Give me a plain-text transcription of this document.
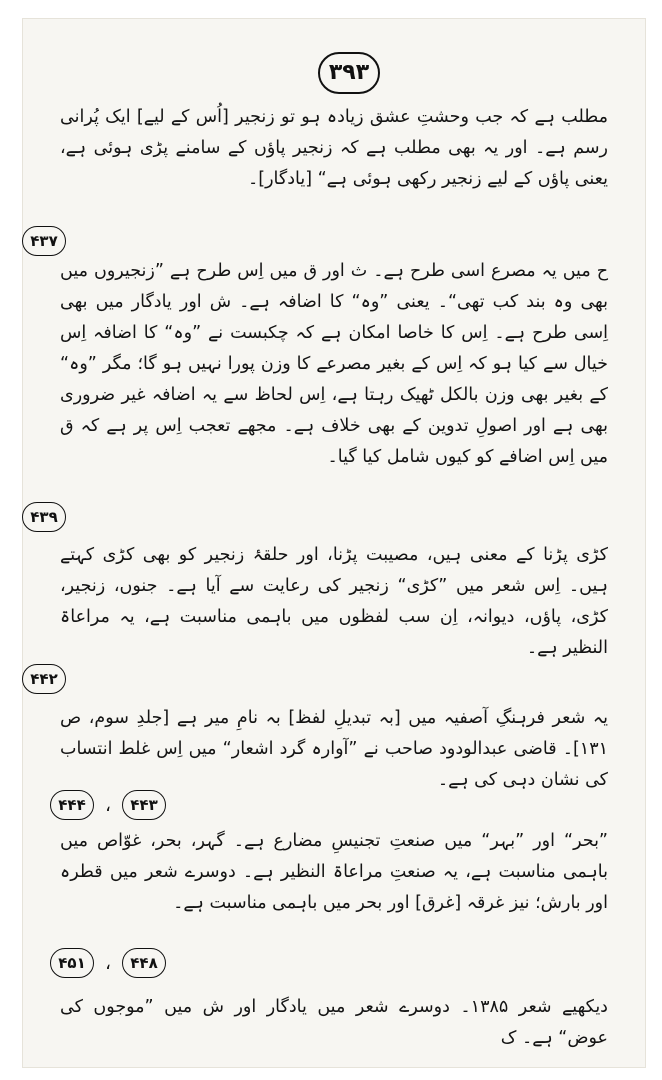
۳۹۳
مطلب ہے کہ جب وحشتِ عشق زیادہ ہو تو زنجیر [اُس کے لیے] ایک پُرانی رسم ہے۔ اور یہ بھی مطلب ہے کہ زنجیر پاؤں کے سامنے پڑی ہوئی ہے، یعنی پاؤں کے لیے زنجیر رکھی ہوئی ہے“ [یادگار]۔
۴۳۷
ح میں یہ مصرع اسی طرح ہے۔ ث اور ق میں اِس طرح ہے ”زنجیروں میں بھی وہ بند کب تھی“۔ یعنی ”وہ“ کا اضافہ ہے۔ ش اور یادگار میں بھی اِسی طرح ہے۔ اِس کا خاصا امکان ہے کہ چکبست نے ”وہ“ کا اضافہ اِس خیال سے کیا ہو کہ اِس کے بغیر مصرعے کا وزن پورا نہیں ہو گا؛ مگر ”وہ“ کے بغیر بھی وزن بالکل ٹھیک رہتا ہے، اِس لحاظ سے یہ اضافہ غیر ضروری بھی ہے اور اصولِ تدوین کے بھی خلاف ہے۔ مجھے تعجب اِس پر ہے کہ ق میں اِس اضافے کو کیوں شامل کیا گیا۔
۴۳۹
کڑی پڑنا کے معنی ہیں، مصیبت پڑنا، اور حلقۂ زنجیر کو بھی کڑی کہتے ہیں۔ اِس شعر میں ”کڑی“ زنجیر کی رعایت سے آیا ہے۔ جنوں، زنجیر، کڑی، پاؤں، دیوانہ، اِن سب لفظوں میں باہمی مناسبت ہے، یہ مراعاۃ النظیر ہے۔
۴۴۲
یہ شعر فرہنگِ آصفیہ میں [بہ تبدیلِ لفظ] بہ نامِ میر ہے [جلدِ سوم، ص ۱۳۱]۔ قاضی عبدالودود صاحب نے ”آوارہ گرد اشعار“ میں اِس غلط انتساب کی نشان دہی کی ہے۔
۴۴۳ ، ۴۴۴
”بحر“ اور ”بہر“ میں صنعتِ تجنیسِ مضارع ہے۔ گہر، بحر، غوّاص میں باہمی مناسبت ہے، یہ صنعتِ مراعاۃ النظیر ہے۔ دوسرے شعر میں قطرہ اور بارش؛ نیز غرقہ [غرق] اور بحر میں باہمی مناسبت ہے۔
۴۴۸ ، ۴۵۱
دیکھیے شعر ۱۳۸۵۔ دوسرے شعر میں یادگار اور ش میں ”موجوں کی عوض“ ہے۔ ک
